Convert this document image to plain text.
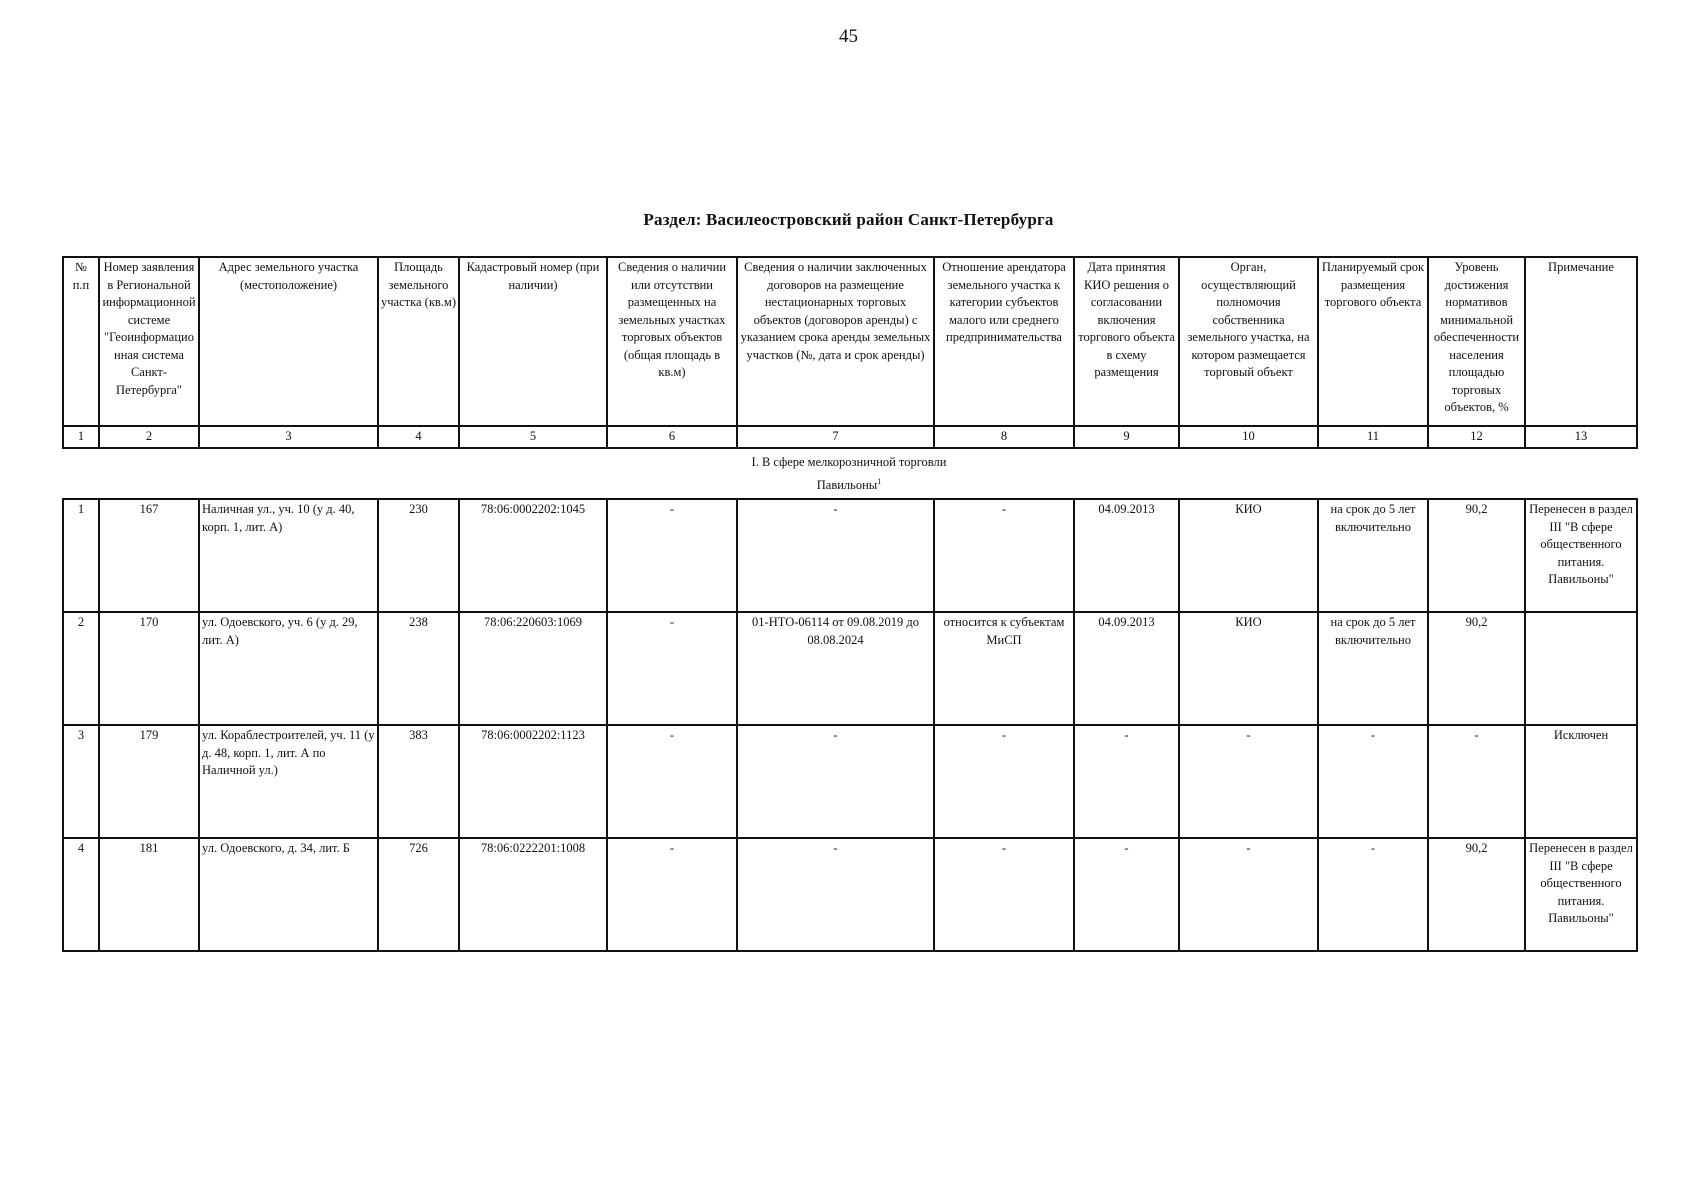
45
Раздел: Василеостровский район Санкт-Петербурга
№ п.п	Номер заявления в Региональной информационной системе "Геоинформационная система Санкт-Петербурга"	Адрес земельного участка (местоположение)	Площадь земельного участка (кв.м)	Кадастровый номер (при наличии)	Сведения о наличии или отсутствии размещенных на земельных участках торговых объектов (общая площадь в кв.м)	Сведения о наличии заключенных договоров на размещение нестационарных торговых объектов (договоров аренды) с указанием срока аренды земельных участков (№, дата и срок аренды)	Отношение арендатора земельного участка к категории субъектов малого или среднего предпринимательства	Дата принятия КИО решения о согласовании включения торгового объекта в схему размещения	Орган, осуществляющий полномочия собственника земельного участка, на котором размещается торговый объект	Планируемый срок размещения торгового объекта	Уровень достижения нормативов минимальной обеспеченности населения площадью торговых объектов, %	Примечание
1	2	3	4	5	6	7	8	9	10	11	12	13
I. В сфере мелкорозничной торговли
Павильоны$^1$
1	167	Наличная ул., уч. 10 (у д. 40, корп. 1, лит. А)	230	78:06:0002202:1045	-	-	-	04.09.2013	КИО	на срок до 5 лет включительно	90,2	Перенесен в раздел III "В сфере общественного питания. Павильоны"
2	170	ул. Одоевского, уч. 6 (у д. 29, лит. А)	238	78:06:220603:1069	-	01-НТО-06114 от 09.08.2019 до 08.08.2024	относится к субъектам МиСП	04.09.2013	КИО	на срок до 5 лет включительно	90,2	
3	179	ул. Кораблестроителей, уч. 11 (у д. 48, корп. 1, лит. А по Наличной ул.)	383	78:06:0002202:1123	-	-	-	-	-	-	-	Исключен
4	181	ул. Одоевского, д. 34, лит. Б	726	78:06:0222201:1008	-	-	-	-	-	-	90,2	Перенесен в раздел III "В сфере общественного питания. Павильоны"
